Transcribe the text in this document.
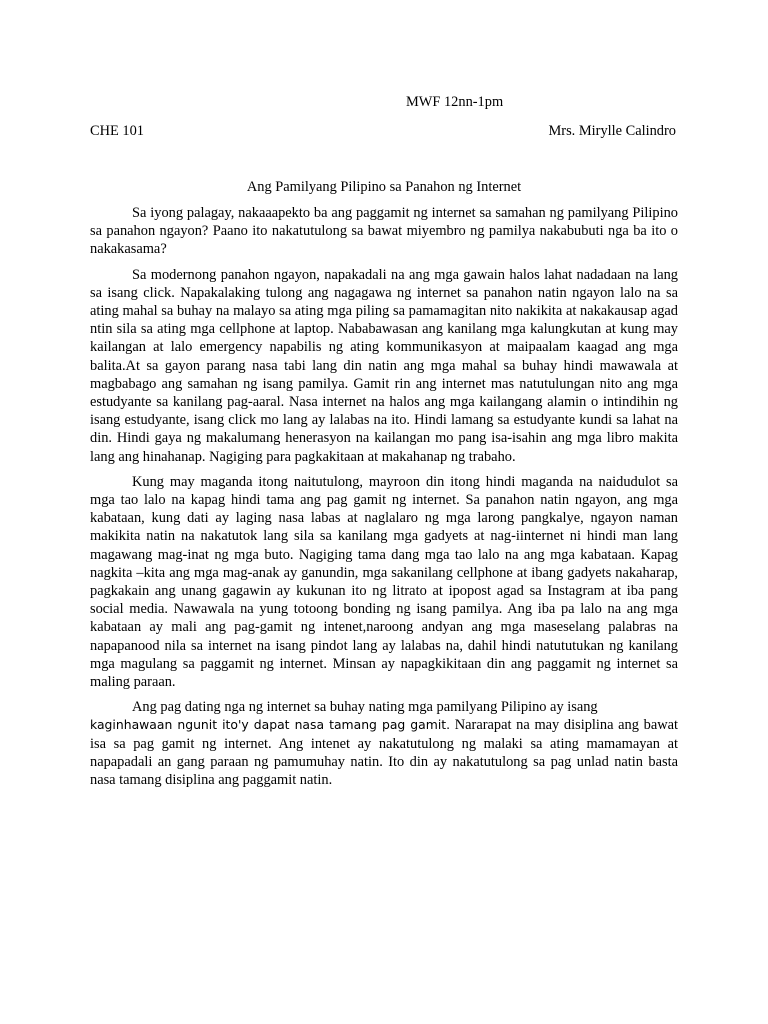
MWF 12nn-1pm
CHE 101	Mrs. Mirylle Calindro
Ang Pamilyang Pilipino sa Panahon ng Internet

Sa iyong palagay, nakaaapekto ba ang paggamit ng internet sa samahan ng pamilyang Pilipino sa panahon ngayon? Paano ito nakatutulong sa bawat miyembro ng pamilya nakabubuti nga ba ito o nakakasama?

Sa modernong panahon ngayon, napakadali na ang mga gawain halos lahat nadadaan na lang sa isang click. Napakalaking tulong ang nagagawa ng internet sa panahon natin ngayon lalo na sa ating mahal sa buhay na malayo sa ating mga piling sa pamamagitan nito nakikita at nakakausap agad ntin sila sa ating mga cellphone at laptop. Nababawasan ang kanilang mga kalungkutan at kung may kailangan at lalo emergency napabilis ng ating kommunikasyon at maipaalam kaagad ang mga balita.At sa gayon parang nasa tabi lang din natin ang mga mahal sa buhay hindi mawawala at magbabago ang samahan ng isang pamilya. Gamit rin ang internet mas natutulungan nito ang mga estudyante sa kanilang pag-aaral. Nasa internet na halos ang mga kailangang alamin o intindihin ng isang estudyante, isang click mo lang ay lalabas na ito. Hindi lamang sa estudyante kundi sa lahat na din. Hindi gaya ng makalumang henerasyon na kailangan mo pang isa-isahin ang mga libro makita lang ang hinahanap. Nagiging para pagkakitaan at makahanap ng trabaho.

Kung may maganda itong naitutulong, mayroon din itong hindi maganda na naidudulot sa mga tao lalo na kapag hindi tama ang pag gamit ng internet. Sa panahon natin ngayon, ang mga kabataan, kung dati ay laging nasa labas at naglalaro ng mga larong pangkalye, ngayon naman makikita natin na nakatutok lang sila sa kanilang mga gadyets at nag-iinternet ni hindi man lang magawang mag-inat ng mga buto. Nagiging tama dang mga tao lalo na ang mga kabataan. Kapag nagkita –kita ang mga mag-anak ay ganundin, mga sakanilang cellphone at ibang gadyets nakaharap, pagkakain ang unang gagawin ay kukunan ito ng litrato at ipopost agad sa Instagram at iba pang social media. Nawawala na yung totoong bonding ng isang pamilya. Ang iba pa lalo na ang mga kabataan ay mali ang pag-gamit ng intenet,naroong andyan ang mga maseselang palabras na napapanood nila sa internet na isang pindot lang ay lalabas na, dahil hindi natututukan ng kanilang mga magulang sa paggamit ng internet. Minsan ay napagkikitaan din ang paggamit ng internet sa maling paraan.

Ang pag dating nga ng internet sa buhay nating mga pamilyang Pilipino ay isang
kaginhawaan ngunit ito'y dapat nasa tamang pag gamit. Nararapat na may disiplina ang bawat isa sa pag gamit ng internet. Ang intenet ay nakatutulong ng malaki sa ating mamamayan at napapadali an gang paraan ng pamumuhay natin. Ito din ay nakatutulong sa pag unlad natin basta nasa tamang disiplina ang paggamit natin.
